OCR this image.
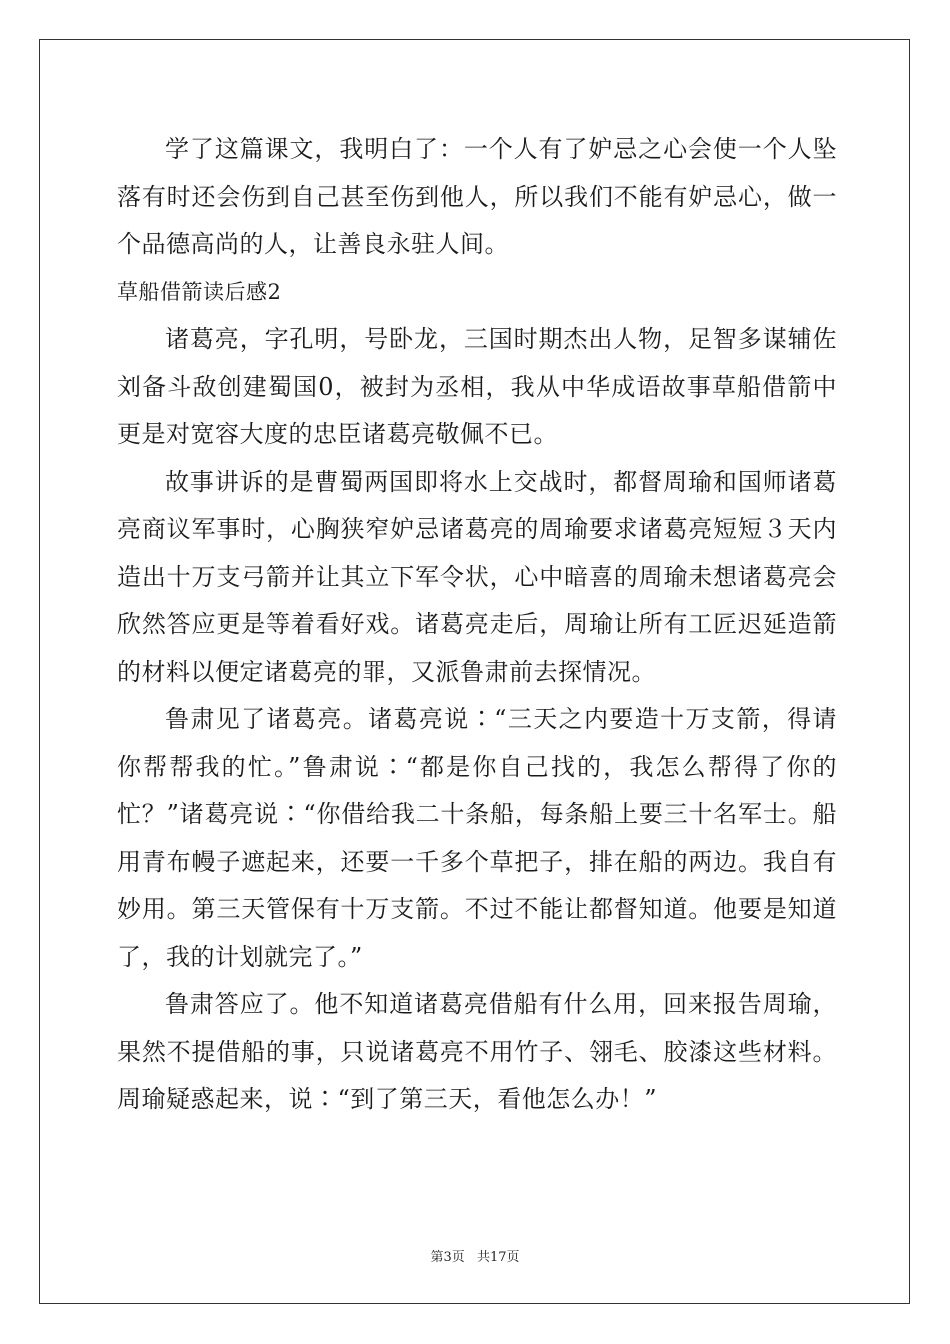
学了这篇课文，我明白了：一个人有了妒忌之心会使一个人坠落有时还会伤到自己甚至伤到他人，所以我们不能有妒忌心，做一个品德高尚的人，让善良永驻人间。

草船借箭读后感2

诸葛亮，字孔明，号卧龙，三国时期杰出人物，足智多谋辅佐刘备斗敌创建蜀国0，被封为丞相，我从中华成语故事草船借箭中更是对宽容大度的忠臣诸葛亮敬佩不已。

故事讲诉的是曹蜀两国即将水上交战时，都督周瑜和国师诸葛亮商议军事时，心胸狭窄妒忌诸葛亮的周瑜要求诸葛亮短短３天内造出十万支弓箭并让其立下军令状，心中暗喜的周瑜未想诸葛亮会欣然答应更是等着看好戏。诸葛亮走后，周瑜让所有工匠迟延造箭的材料以便定诸葛亮的罪，又派鲁肃前去探情况。

鲁肃见了诸葛亮。诸葛亮说∶“三天之内要造十万支箭，得请你帮帮我的忙。”鲁肃说∶“都是你自己找的，我怎么帮得了你的忙？”诸葛亮说∶“你借给我二十条船，每条船上要三十名军士。船用青布幔子遮起来，还要一千多个草把子，排在船的两边。我自有妙用。第三天管保有十万支箭。不过不能让都督知道。他要是知道了，我的计划就完了。”

鲁肃答应了。他不知道诸葛亮借船有什么用，回来报告周瑜，果然不提借船的事，只说诸葛亮不用竹子、翎毛、胶漆这些材料。周瑜疑惑起来，说∶“到了第三天，看他怎么办！”

第3页 共17页
